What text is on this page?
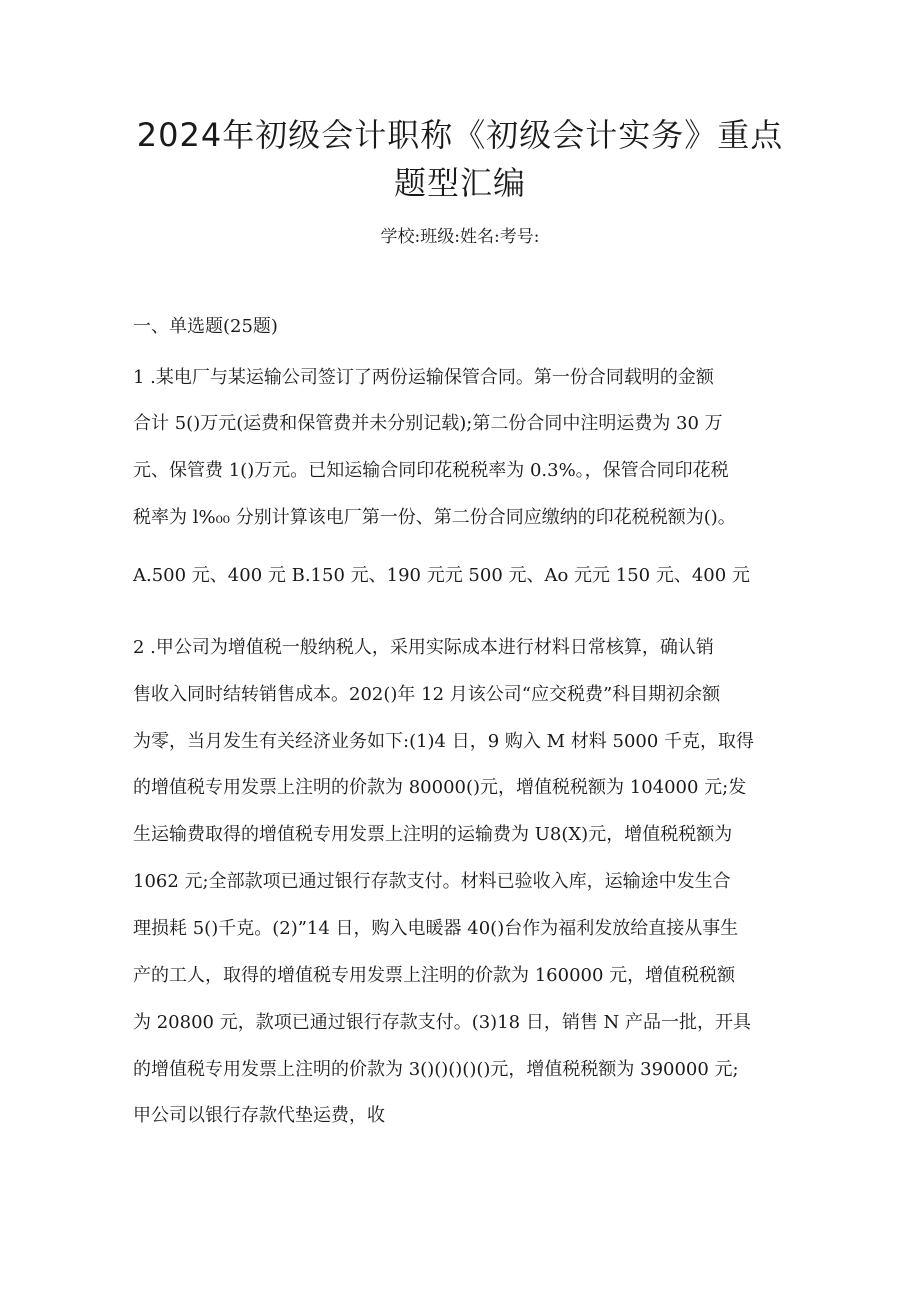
2024年初级会计职称《初级会计实务》重点
题型汇编
学校:班级:姓名:考号:
一、单选题(25题)
1 .某电厂与某运输公司签订了两份运输保管合同。第一份合同载明的金额
合计 5()万元(运费和保管费并未分别记载);第二份合同中注明运费为 30 万
元、保管费 1()万元。已知运输合同印花税税率为 0.3%。，保管合同印花税
税率为 l%₀₀ 分别计算该电厂第一份、第二份合同应缴纳的印花税税额为()。
A.500 元、400 元 B.150 元、190 元元 500 元、Ao 元元 150 元、400 元
2 .甲公司为增值税一般纳税人，采用实际成本进行材料日常核算，确认销
售收入同时结转销售成本。202()年 12 月该公司“应交税费”科目期初余额
为零，当月发生有关经济业务如下:(1)4 日，9 购入 M 材料 5000 千克，取得
的增值税专用发票上注明的价款为 80000()元，增值税税额为 104000 元;发
生运输费取得的增值税专用发票上注明的运输费为 U8(X)元，增值税税额为
1062 元;全部款项已通过银行存款支付。材料已验收入库，运输途中发生合
理损耗 5()千克。(2)”14 日，购入电暖器 40()台作为福利发放给直接从事生
产的工人，取得的增值税专用发票上注明的价款为 160000 元，增值税税额
为 20800 元，款项已通过银行存款支付。(3)18 日，销售 N 产品一批，开具
的增值税专用发票上注明的价款为 3()()()()()元，增值税税额为 390000 元;
甲公司以银行存款代垫运费，收
